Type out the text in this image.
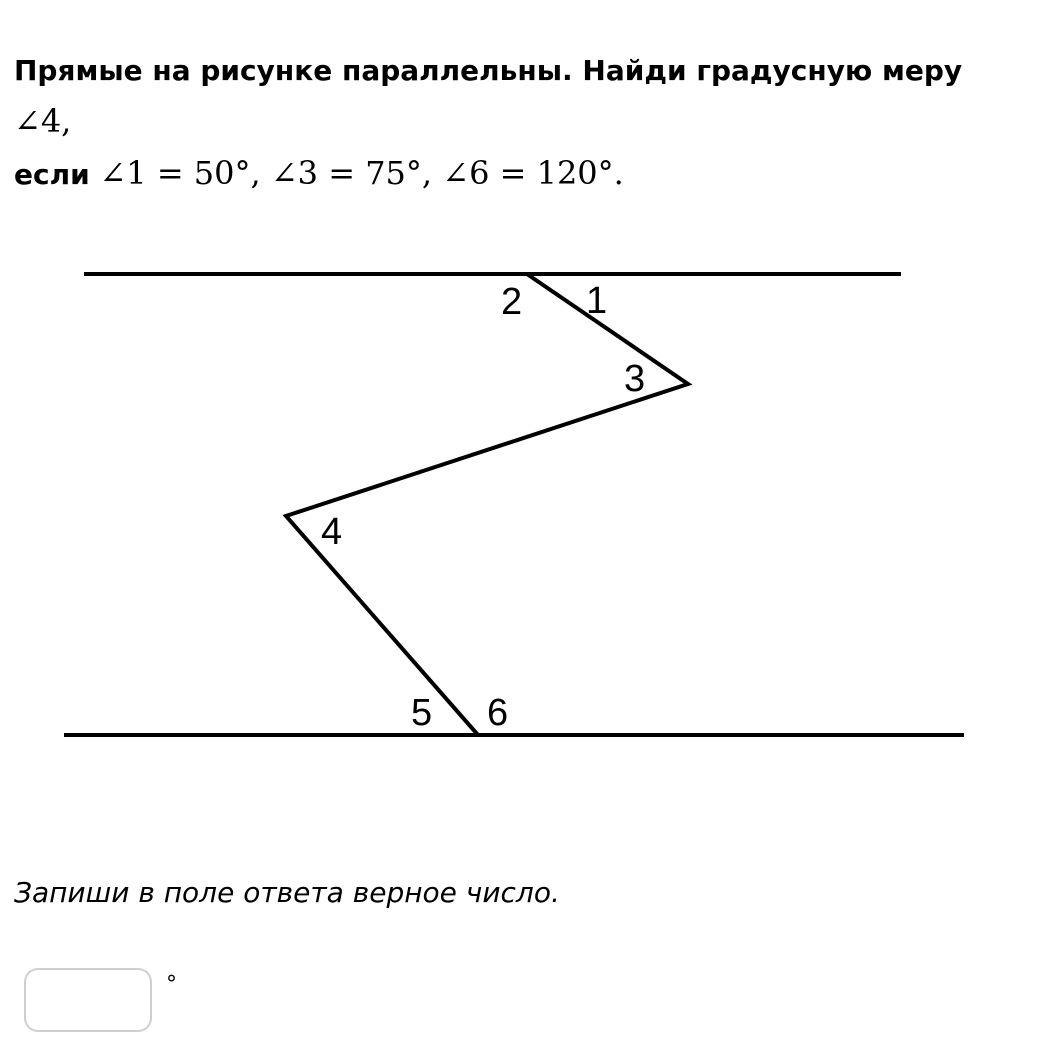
Прямые на рисунке параллельны. Найди градусную меру ∠4,
если ∠1 = 50°, ∠3 = 75°, ∠6 = 120°.

2 1
3
4
5 6

Запиши в поле ответа верное число.

°
